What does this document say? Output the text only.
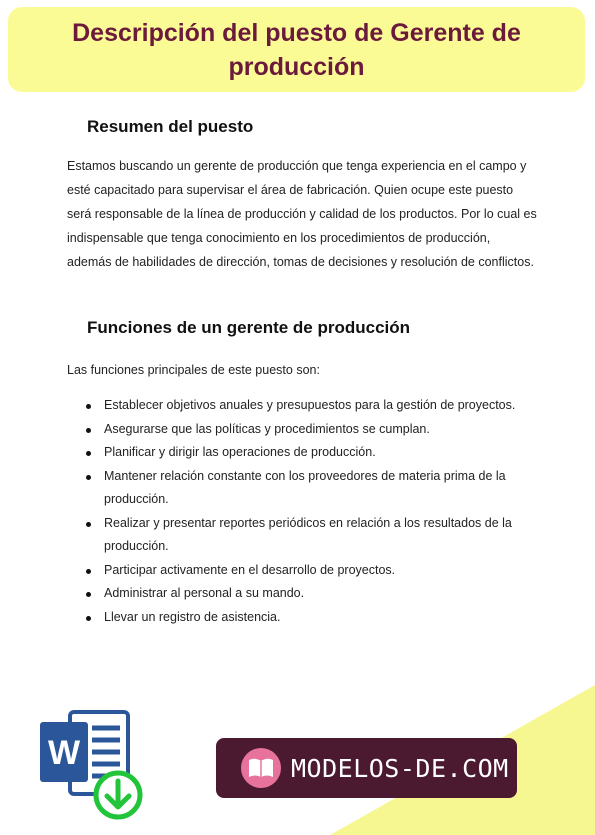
Descripción del puesto de Gerente de producción
Resumen del puesto

Estamos buscando un gerente de producción que tenga experiencia en el campo y esté capacitado para supervisar el área de fabricación. Quien ocupe este puesto será responsable de la línea de producción y calidad de los productos. Por lo cual es indispensable que tenga conocimiento en los procedimientos de producción, además de habilidades de dirección, tomas de decisiones y resolución de conflictos.

Funciones de un gerente de producción

Las funciones principales de este puesto son:

Establecer objetivos anuales y presupuestos para la gestión de proyectos.
Asegurarse que las políticas y procedimientos se cumplan.
Planificar y dirigir las operaciones de producción.
Mantener relación constante con los proveedores de materia prima de la producción.
Realizar y presentar reportes periódicos en relación a los resultados de la producción.
Participar activamente en el desarrollo de proyectos.
Administrar al personal a su mando.
Llevar un registro de asistencia.
W	MODELOS-DE.COM
